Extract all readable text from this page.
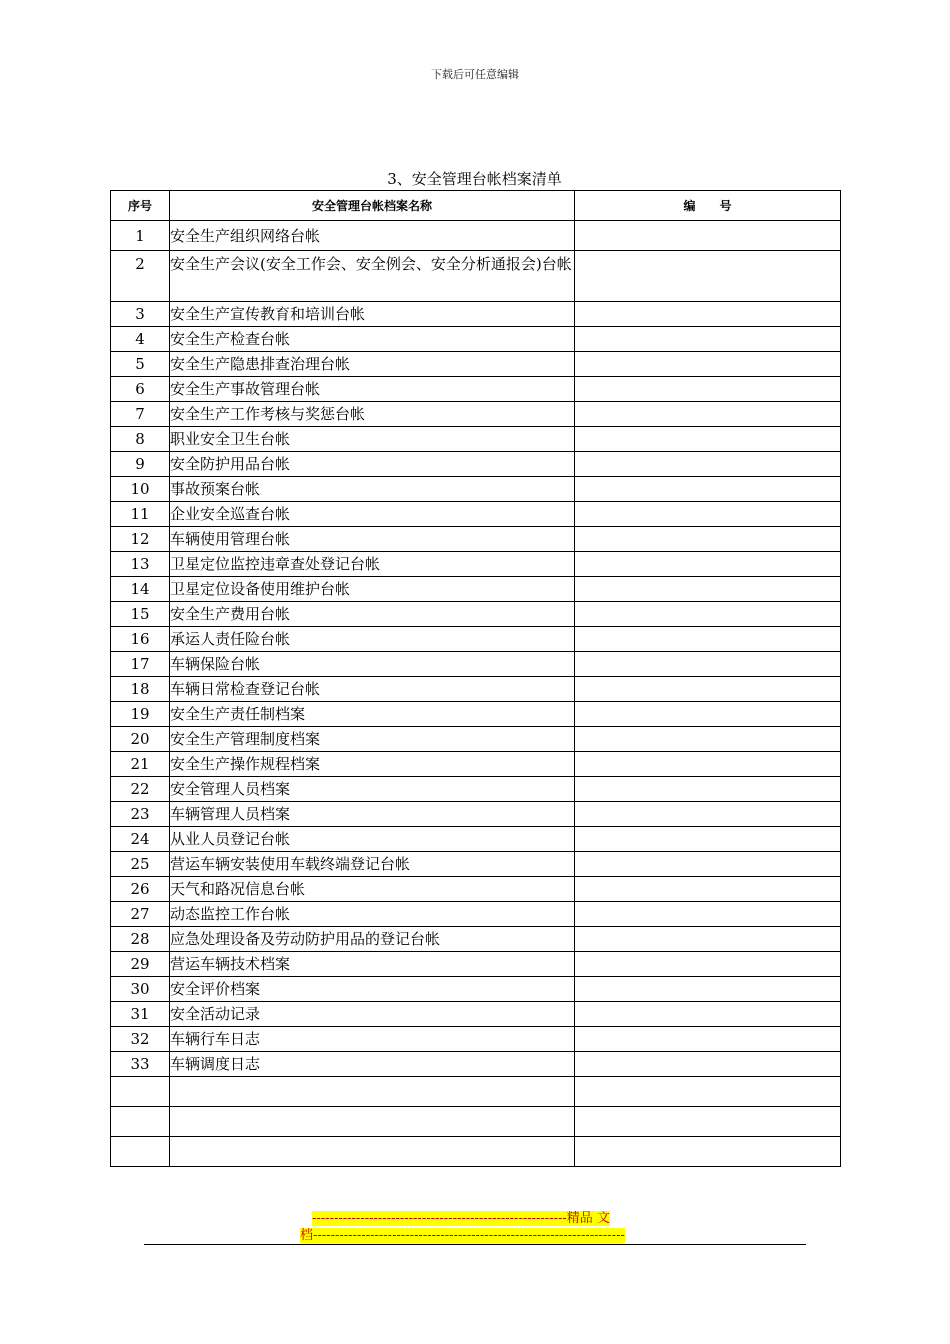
下载后可任意编辑
3、安全管理台帐档案清单
序号	安全管理台帐档案名称	编　　号
1	安全生产组织网络台帐	
2	安全生产会议(安全工作会、安全例会、安全分析通报会)台帐	
3	安全生产宣传教育和培训台帐	
4	安全生产检查台帐	
5	安全生产隐患排查治理台帐	
6	安全生产事故管理台帐	
7	安全生产工作考核与奖惩台帐	
8	职业安全卫生台帐	
9	安全防护用品台帐	
10	事故预案台帐	
11	企业安全巡查台帐	
12	车辆使用管理台帐	
13	卫星定位监控违章查处登记台帐	
14	卫星定位设备使用维护台帐	
15	安全生产费用台帐	
16	承运人责任险台帐	
17	车辆保险台帐	
18	车辆日常检查登记台帐	
19	安全生产责任制档案	
20	安全生产管理制度档案	
21	安全生产操作规程档案	
22	安全管理人员档案	
23	车辆管理人员档案	
24	从业人员登记台帐	
25	营运车辆安装使用车载终端登记台帐	
26	天气和路况信息台帐	
27	动态监控工作台帐	
28	应急处理设备及劳动防护用品的登记台帐	
29	营运车辆技术档案	
30	安全评价档案	
31	安全活动记录	
32	车辆行车日志	
33	车辆调度日志	

----------------------------------------------------------精品 文
档-----------------------------------------------------------------------
